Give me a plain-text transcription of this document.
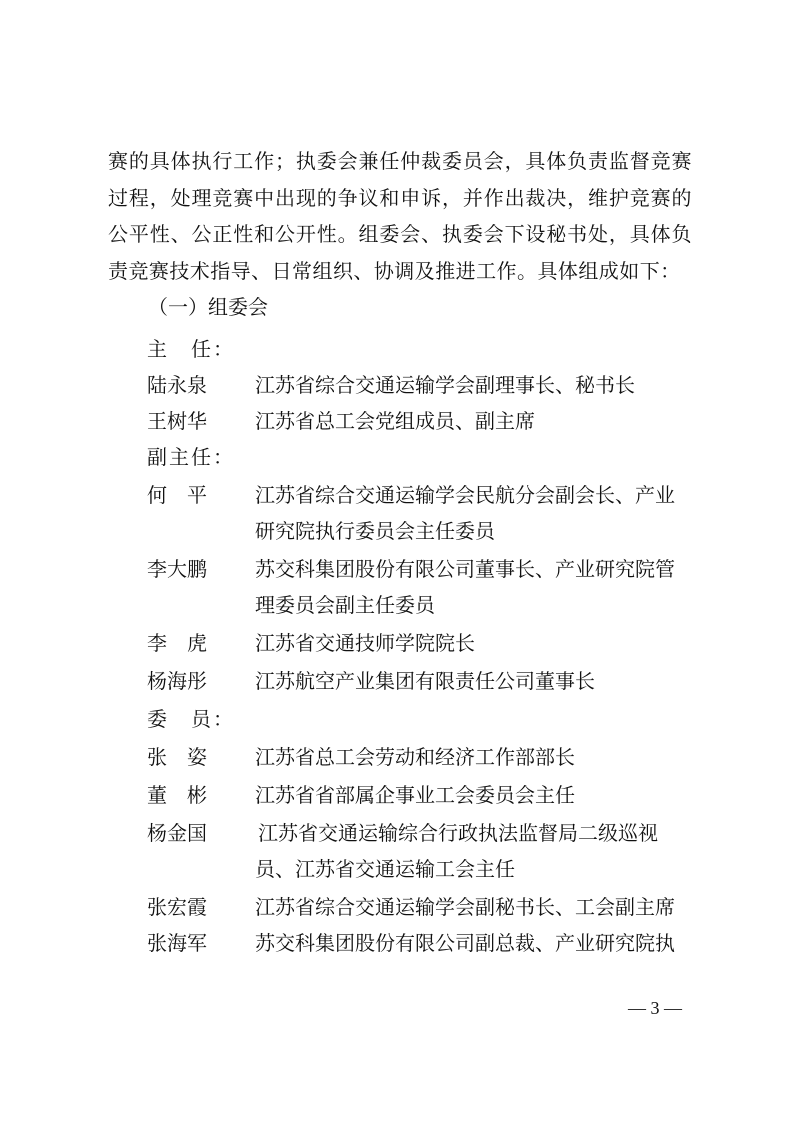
赛的具体执行工作；执委会兼任仲裁委员会，具体负责监督竞赛过程，处理竞赛中出现的争议和申诉，并作出裁决，维护竞赛的公平性、公正性和公开性。组委会、执委会下设秘书处，具体负责竞赛技术指导、日常组织、协调及推进工作。具体组成如下：

（一）组委会

主　任：
陆永泉 江苏省综合交通运输学会副理事长、秘书长
王树华 江苏省总工会党组成员、副主席
副主任：
何　平 江苏省综合交通运输学会民航分会副会长、产业
研究院执行委员会主任委员
李大鹏 苏交科集团股份有限公司董事长、产业研究院管
理委员会副主任委员
李　虎 江苏省交通技师学院院长
杨海彤 江苏航空产业集团有限责任公司董事长
委　员：
张　姿 江苏省总工会劳动和经济工作部部长
董　彬 江苏省省部属企事业工会委员会主任
杨金国	江苏省交通运输综合行政执法监督局二级巡视
员、江苏省交通运输工会主任
张宏霞 江苏省综合交通运输学会副秘书长、工会副主席
张海军 苏交科集团股份有限公司副总裁、产业研究院执
— 3 —
